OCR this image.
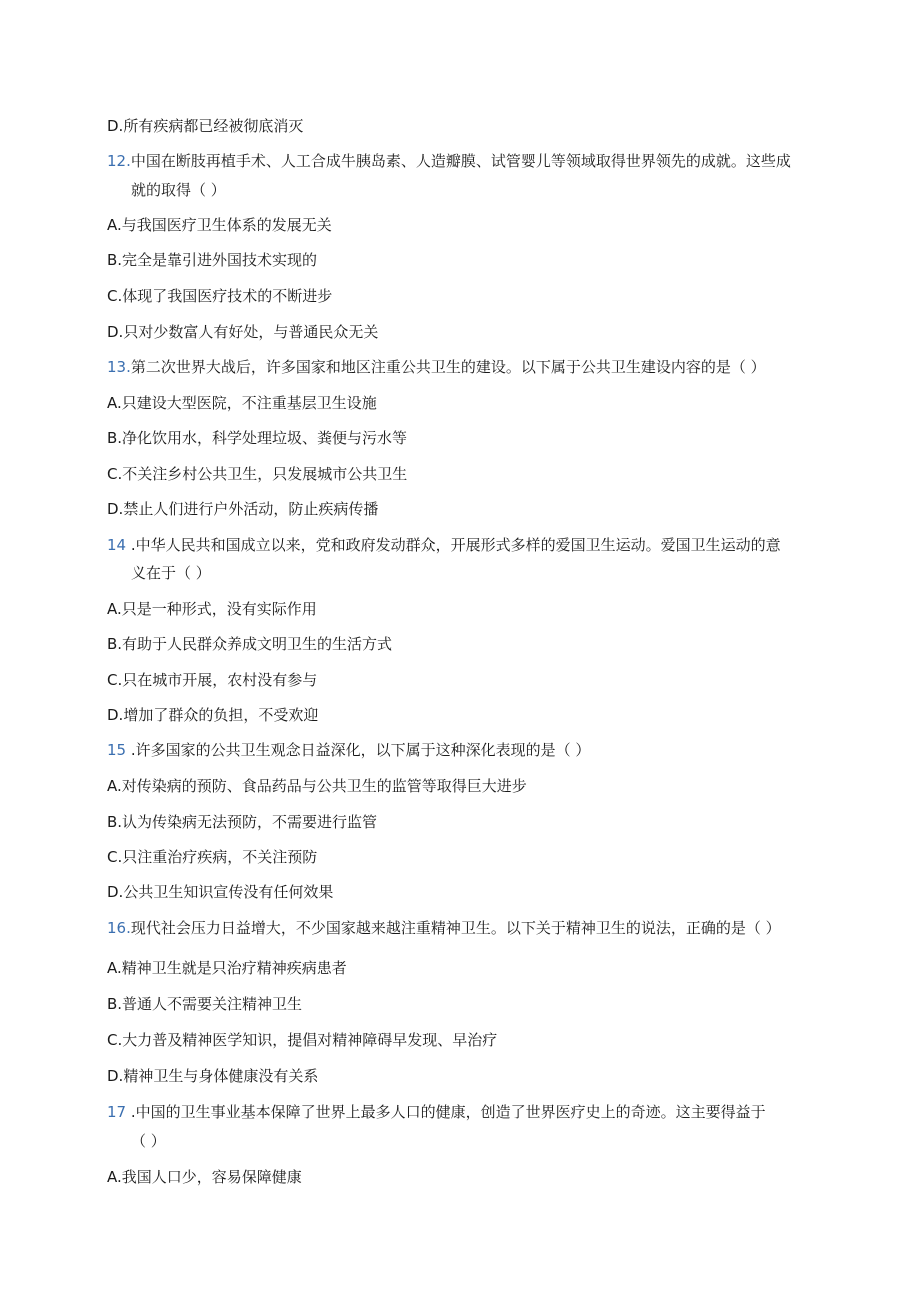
D.所有疾病都已经被彻底消灭
12.中国在断肢再植手术、人工合成牛胰岛素、人造瓣膜、试管婴儿等领域取得世界领先的成就。这些成
就的取得（ ）
A.与我国医疗卫生体系的发展无关
B.完全是靠引进外国技术实现的
C.体现了我国医疗技术的不断进步
D.只对少数富人有好处，与普通民众无关
13.第二次世界大战后，许多国家和地区注重公共卫生的建设。以下属于公共卫生建设内容的是（ ）
A.只建设大型医院，不注重基层卫生设施
B.净化饮用水，科学处理垃圾、粪便与污水等
C.不关注乡村公共卫生，只发展城市公共卫生
D.禁止人们进行户外活动，防止疾病传播
14 .中华人民共和国成立以来，党和政府发动群众，开展形式多样的爱国卫生运动。爱国卫生运动的意
义在于（ ）
A.只是一种形式，没有实际作用
B.有助于人民群众养成文明卫生的生活方式
C.只在城市开展，农村没有参与
D.增加了群众的负担，不受欢迎
15 .许多国家的公共卫生观念日益深化，以下属于这种深化表现的是（ ）
A.对传染病的预防、食品药品与公共卫生的监管等取得巨大进步
B.认为传染病无法预防，不需要进行监管
C.只注重治疗疾病，不关注预防
D.公共卫生知识宣传没有任何效果
16.现代社会压力日益增大，不少国家越来越注重精神卫生。以下关于精神卫生的说法，正确的是（ ）
A.精神卫生就是只治疗精神疾病患者
B.普通人不需要关注精神卫生
C.大力普及精神医学知识，提倡对精神障碍早发现、早治疗
D.精神卫生与身体健康没有关系
17 .中国的卫生事业基本保障了世界上最多人口的健康，创造了世界医疗史上的奇迹。这主要得益于
（ ）
A.我国人口少，容易保障健康
